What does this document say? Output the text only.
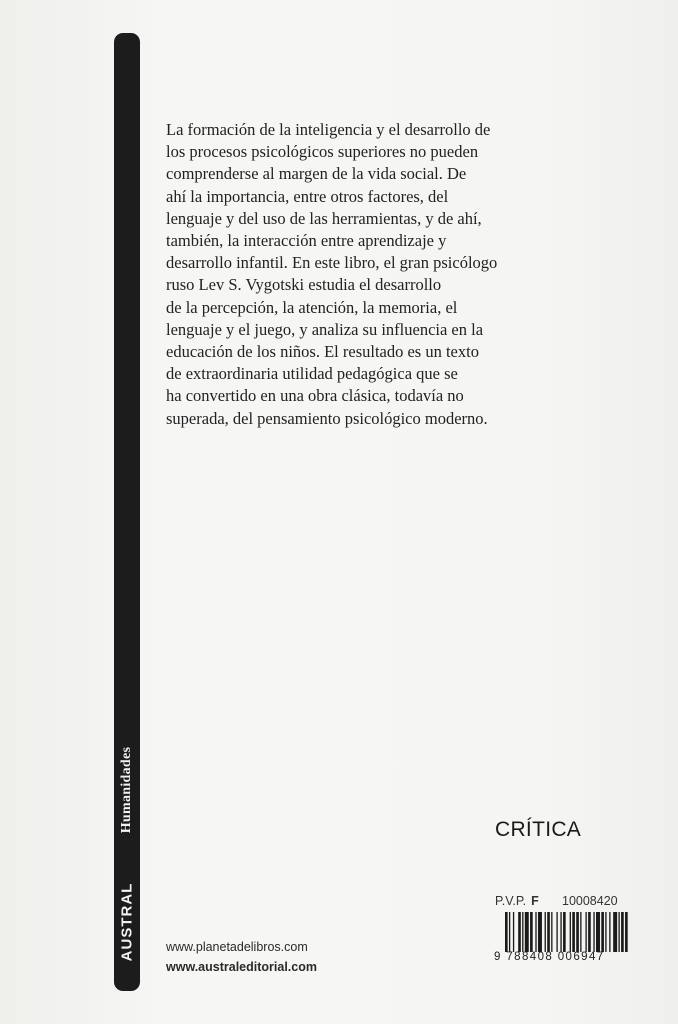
Humanidades
AUSTRAL
La formación de la inteligencia y el desarrollo de
los procesos psicológicos superiores no pueden
comprenderse al margen de la vida social. De
ahí la importancia, entre otros factores, del
lenguaje y del uso de las herramientas, y de ahí,
también, la interacción entre aprendizaje y
desarrollo infantil. En este libro, el gran psicólogo
ruso Lev S. Vygotski estudia el desarrollo
de la percepción, la atención, la memoria, el
lenguaje y el juego, y analiza su influencia en la
educación de los niños. El resultado es un texto
de extraordinaria utilidad pedagógica que se
ha convertido en una obra clásica, todavía no
superada, del pensamiento psicológico moderno.
CRÍTICA
P.V.P. F 10008420
9 788408 006947
www.planetadelibros.com
www.australeditorial.com
